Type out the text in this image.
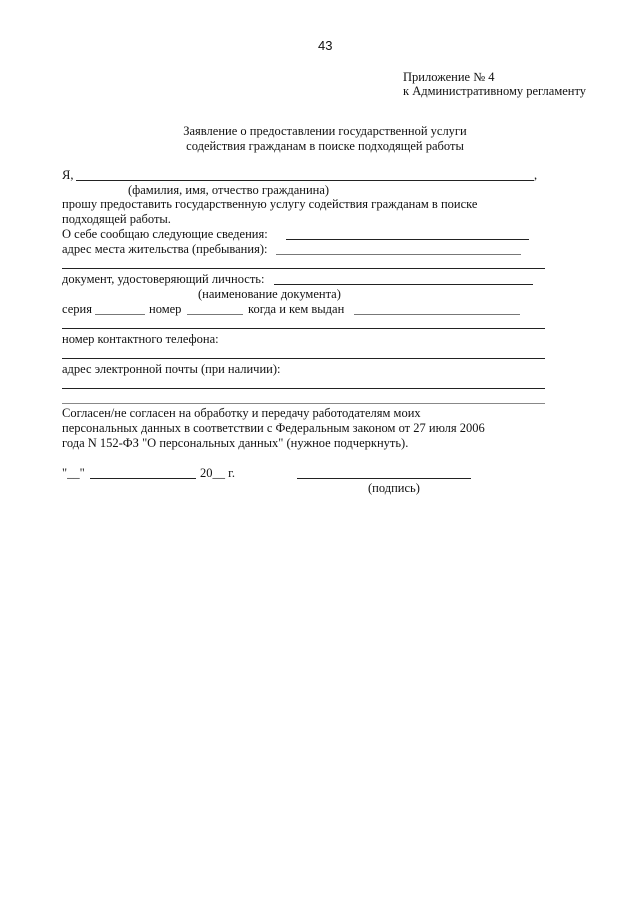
43
Приложение № 4
к Административному регламенту
Заявление о предоставлении государственной услуги
содействия гражданам в поиске подходящей работы
Я,	,
(фамилия, имя, отчество гражданина)
прошу предоставить государственную услугу содействия гражданам в поиске
подходящей работы.
О себе сообщаю следующие сведения:
адрес места жительства (пребывания):
документ, удостоверяющий личность:
(наименование документа)
серия	номер	когда и кем выдан
номер контактного телефона:
адрес электронной почты (при наличии):
Согласен/не согласен на обработку и передачу работодателям моих
персональных данных в соответствии с Федеральным законом от 27 июля 2006
года N 152-ФЗ "О персональных данных" (нужное подчеркнуть).
"__"	20__ г.
(подпись)
